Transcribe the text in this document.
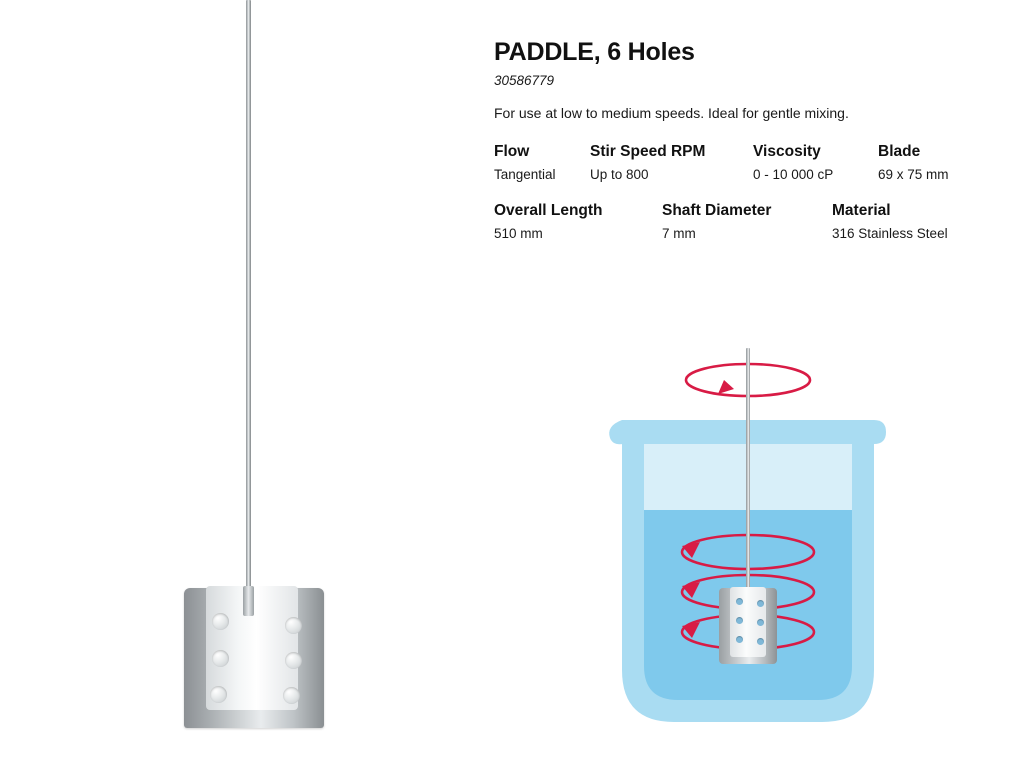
PADDLE, 6 Holes
30586779

For use at low to medium speeds. Ideal for gentle mixing.

Flow
Tangential
Stir Speed RPM
Up to 800
Viscosity
0 - 10 000 cP
Blade
69 x 75 mm
Overall Length
510 mm
Shaft Diameter
7 mm
Material
316 Stainless Steel
